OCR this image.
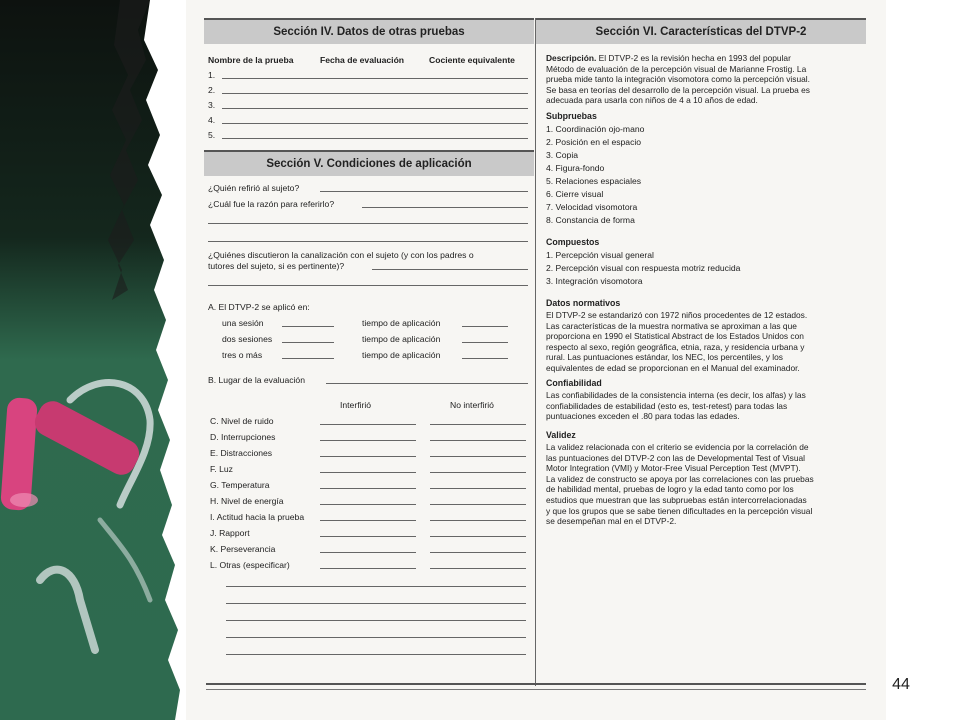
Sección IV. Datos de otras pruebas
Nombre de la prueba	Fecha de evaluación	Cociente equivalente
1.
2.
3.
4.
5.
Sección V. Condiciones de aplicación
¿Quién refirió al sujeto?
¿Cuál fue la razón para referirlo?
¿Quiénes discutieron la canalización con el sujeto (y con los padres o
tutores del sujeto, si es pertinente)?
A. El DTVP-2 se aplicó en:
una sesión	tiempo de aplicación
dos sesiones	tiempo de aplicación
tres o más	tiempo de aplicación
B. Lugar de la evaluación
Interfirió	No interfirió
C. Nivel de ruido
D. Interrupciones
E. Distracciones
F. Luz
G. Temperatura
H. Nivel de energía
I. Actitud hacia la prueba
J. Rapport
K. Perseverancia
L. Otras (especificar)
Sección VI. Características del DTVP-2
Descripción. El DTVP-2 es la revisión hecha en 1993 del popular
Método de evaluación de la percepción visual de Marianne Frostig. La
prueba mide tanto la integración visomotora como la percepción visual.
Se basa en teorías del desarrollo de la percepción visual. La prueba es
adecuada para usarla con niños de 4 a 10 años de edad.
Subpruebas
1. Coordinación ojo-mano
2. Posición en el espacio
3. Copia
4. Figura-fondo
5. Relaciones espaciales
6. Cierre visual
7. Velocidad visomotora
8. Constancia de forma
Compuestos
1. Percepción visual general
2. Percepción visual con respuesta motriz reducida
3. Integración visomotora
Datos normativos
El DTVP-2 se estandarizó con 1972 niños procedentes de 12 estados.
Las características de la muestra normativa se aproximan a las que
proporciona en 1990 el Statistical Abstract de los Estados Unidos con
respecto al sexo, región geográfica, etnia, raza, y residencia urbana y
rural. Las puntuaciones estándar, los NEC, los percentiles, y los
equivalentes de edad se proporcionan en el Manual del examinador.
Confiabilidad
Las confiabilidades de la consistencia interna (es decir, los alfas) y las
confiabilidades de estabilidad (esto es, test-retest) para todas las
puntuaciones exceden el .80 para todas las edades.
Validez
La validez relacionada con el criterio se evidencia por la correlación de
las puntuaciones del DTVP-2 con las de Developmental Test of Visual
Motor Integration (VMI) y Motor-Free Visual Perception Test (MVPT).
La validez de constructo se apoya por las correlaciones con las pruebas
de habilidad mental, pruebas de logro y la edad tanto como por los
estudios que muestran que las subpruebas están intercorrelacionadas
y que los grupos que se sabe tienen dificultades en la percepción visual
se desempeñan mal en el DTVP-2.
44
